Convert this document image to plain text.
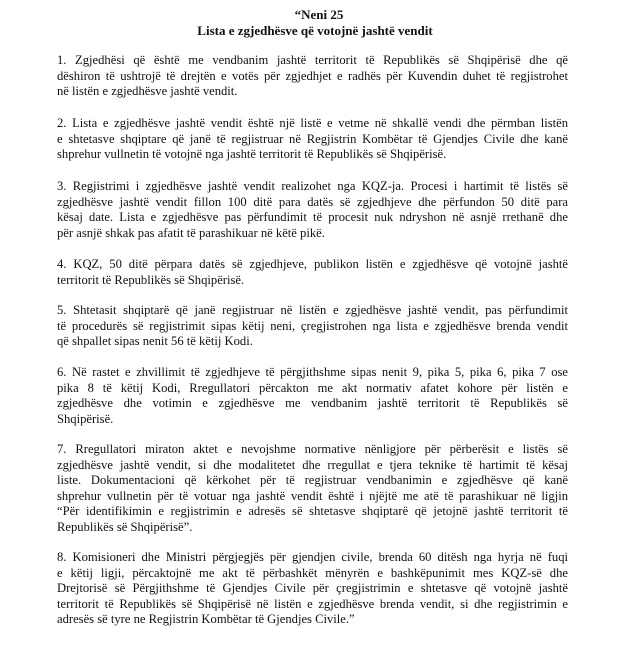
“Neni 25
Lista e zgjedhësve që votojnë jashtë vendit
1. Zgjedhësi që është me vendbanim jashtë territorit të Republikës së Shqipërisë dhe që
dëshiron të ushtrojë të drejtën e votës për zgjedhjet e radhës për Kuvendin duhet të regjistrohet
në listën e zgjedhësve jashtë vendit.
2. Lista e zgjedhësve jashtë vendit është një listë e vetme në shkallë vendi dhe përmban listën
e shtetasve shqiptare që janë të regjistruar në Regjistrin Kombëtar të Gjendjes Civile dhe kanë
shprehur vullnetin të votojnë nga jashtë territorit të Republikës së Shqipërisë.
3. Regjistrimi i zgjedhësve jashtë vendit realizohet nga KQZ-ja. Procesi i hartimit të listës së
zgjedhësve jashtë vendit fillon 100 ditë para datës së zgjedhjeve dhe përfundon 50 ditë para
kësaj date. Lista e zgjedhësve pas përfundimit të procesit nuk ndryshon në asnjë rrethanë dhe
për asnjë shkak pas afatit të parashikuar në këtë pikë.
4. KQZ, 50 ditë përpara datës së zgjedhjeve, publikon listën e zgjedhësve që votojnë jashtë
territorit të Republikës së Shqipërisë.
5. Shtetasit shqiptarë që janë regjistruar në listën e zgjedhësve jashtë vendit, pas përfundimit
të procedurës së regjistrimit sipas këtij neni, çregjistrohen nga lista e zgjedhësve brenda vendit
që shpallet sipas nenit 56 të këtij Kodi.
6. Në rastet e zhvillimit të zgjedhjeve të përgjithshme sipas nenit 9, pika 5, pika 6, pika 7 ose
pika 8 të këtij Kodi, Rregullatori përcakton me akt normativ afatet kohore për listën e
zgjedhësve dhe votimin e zgjedhësve me vendbanim jashtë territorit të Republikës së
Shqipërisë.
7. Rregullatori miraton aktet e nevojshme normative nënligjore për përberësit e listës së
zgjedhësve jashtë vendit, si dhe modalitetet dhe rregullat e tjera teknike të hartimit të kësaj
liste. Dokumentacioni që kërkohet për të regjistruar vendbanimin e zgjedhësve që kanë
shprehur vullnetin për të votuar nga jashtë vendit është i njëjtë me atë të parashikuar në ligjin
“Për identifikimin e regjistrimin e adresës së shtetasve shqiptarë që jetojnë jashtë territorit të
Republikës së Shqipërisë”.
8. Komisioneri dhe Ministri përgjegjës për gjendjen civile, brenda 60 ditësh nga hyrja në fuqi
e këtij ligji, përcaktojnë me akt të përbashkët mënyrën e bashkëpunimit mes KQZ-së dhe
Drejtorisë së Përgjithshme të Gjendjes Civile për çregjistrimin e shtetasve që votojnë jashtë
territorit të Republikës së Shqipërisë në listën e zgjedhësve brenda vendit, si dhe regjistrimin e
adresës së tyre ne Regjistrin Kombëtar të Gjendjes Civile.”
